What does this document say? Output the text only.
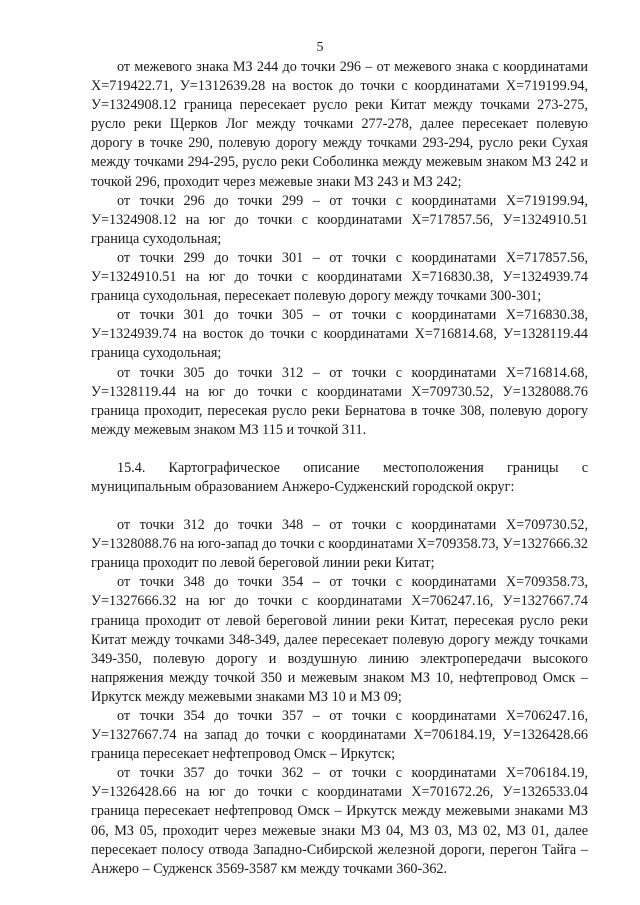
5

от межевого знака МЗ 244 до точки 296 – от межевого знака с координатами Х=719422.71, У=1312639.28 на восток до точки с координатами Х=719199.94, У=1324908.12 граница пересекает русло реки Китат между точками 273-275, русло реки Щерков Лог между точками 277-278, далее пересекает полевую дорогу в точке 290, полевую дорогу между точками 293-294, русло реки Сухая между точками 294-295, русло реки Соболинка между межевым знаком МЗ 242 и точкой 296, проходит через межевые знаки МЗ 243 и МЗ 242;

от точки 296 до точки 299 – от точки с координатами Х=719199.94, У=1324908.12 на юг до точки с координатами Х=717857.56, У=1324910.51 граница суходольная;

от точки 299 до точки 301 – от точки с координатами Х=717857.56, У=1324910.51 на юг до точки с координатами Х=716830.38, У=1324939.74 граница суходольная, пересекает полевую дорогу между точками 300-301;

от точки 301 до точки 305 – от точки с координатами Х=716830.38, У=1324939.74 на восток до точки с координатами Х=716814.68, У=1328119.44 граница суходольная;

от точки 305 до точки 312 – от точки с координатами Х=716814.68, У=1328119.44 на юг до точки с координатами Х=709730.52, У=1328088.76 граница проходит, пересекая русло реки Бернатова в точке 308, полевую дорогу между межевым знаком МЗ 115 и точкой 311.

15.4. Картографическое описание местоположения границы с муниципальным образованием Анжеро-Судженский городской округ:

от точки 312 до точки 348 – от точки с координатами Х=709730.52, У=1328088.76 на юго-запад до точки с координатами Х=709358.73, У=1327666.32 граница проходит по левой береговой линии реки Китат;

от точки 348 до точки 354 – от точки с координатами Х=709358.73, У=1327666.32 на юг до точки с координатами Х=706247.16, У=1327667.74 граница проходит от левой береговой линии реки Китат, пересекая русло реки Китат между точками 348-349, далее пересекает полевую дорогу между точками 349-350, полевую дорогу и воздушную линию электропередачи высокого напряжения между точкой 350 и межевым знаком МЗ 10, нефтепровод Омск – Иркутск между межевыми знаками МЗ 10 и МЗ 09;

от точки 354 до точки 357 – от точки с координатами Х=706247.16, У=1327667.74 на запад до точки с координатами Х=706184.19, У=1326428.66 граница пересекает нефтепровод Омск – Иркутск;

от точки 357 до точки 362 – от точки с координатами Х=706184.19, У=1326428.66 на юг до точки с координатами Х=701672.26, У=1326533.04 граница пересекает нефтепровод Омск – Иркутск между межевыми знаками МЗ 06, МЗ 05, проходит через межевые знаки МЗ 04, МЗ 03, МЗ 02, МЗ 01, далее пересекает полосу отвода Западно-Сибирской железной дороги, перегон Тайга – Анжеро – Судженск 3569-3587 км между точками 360-362.
